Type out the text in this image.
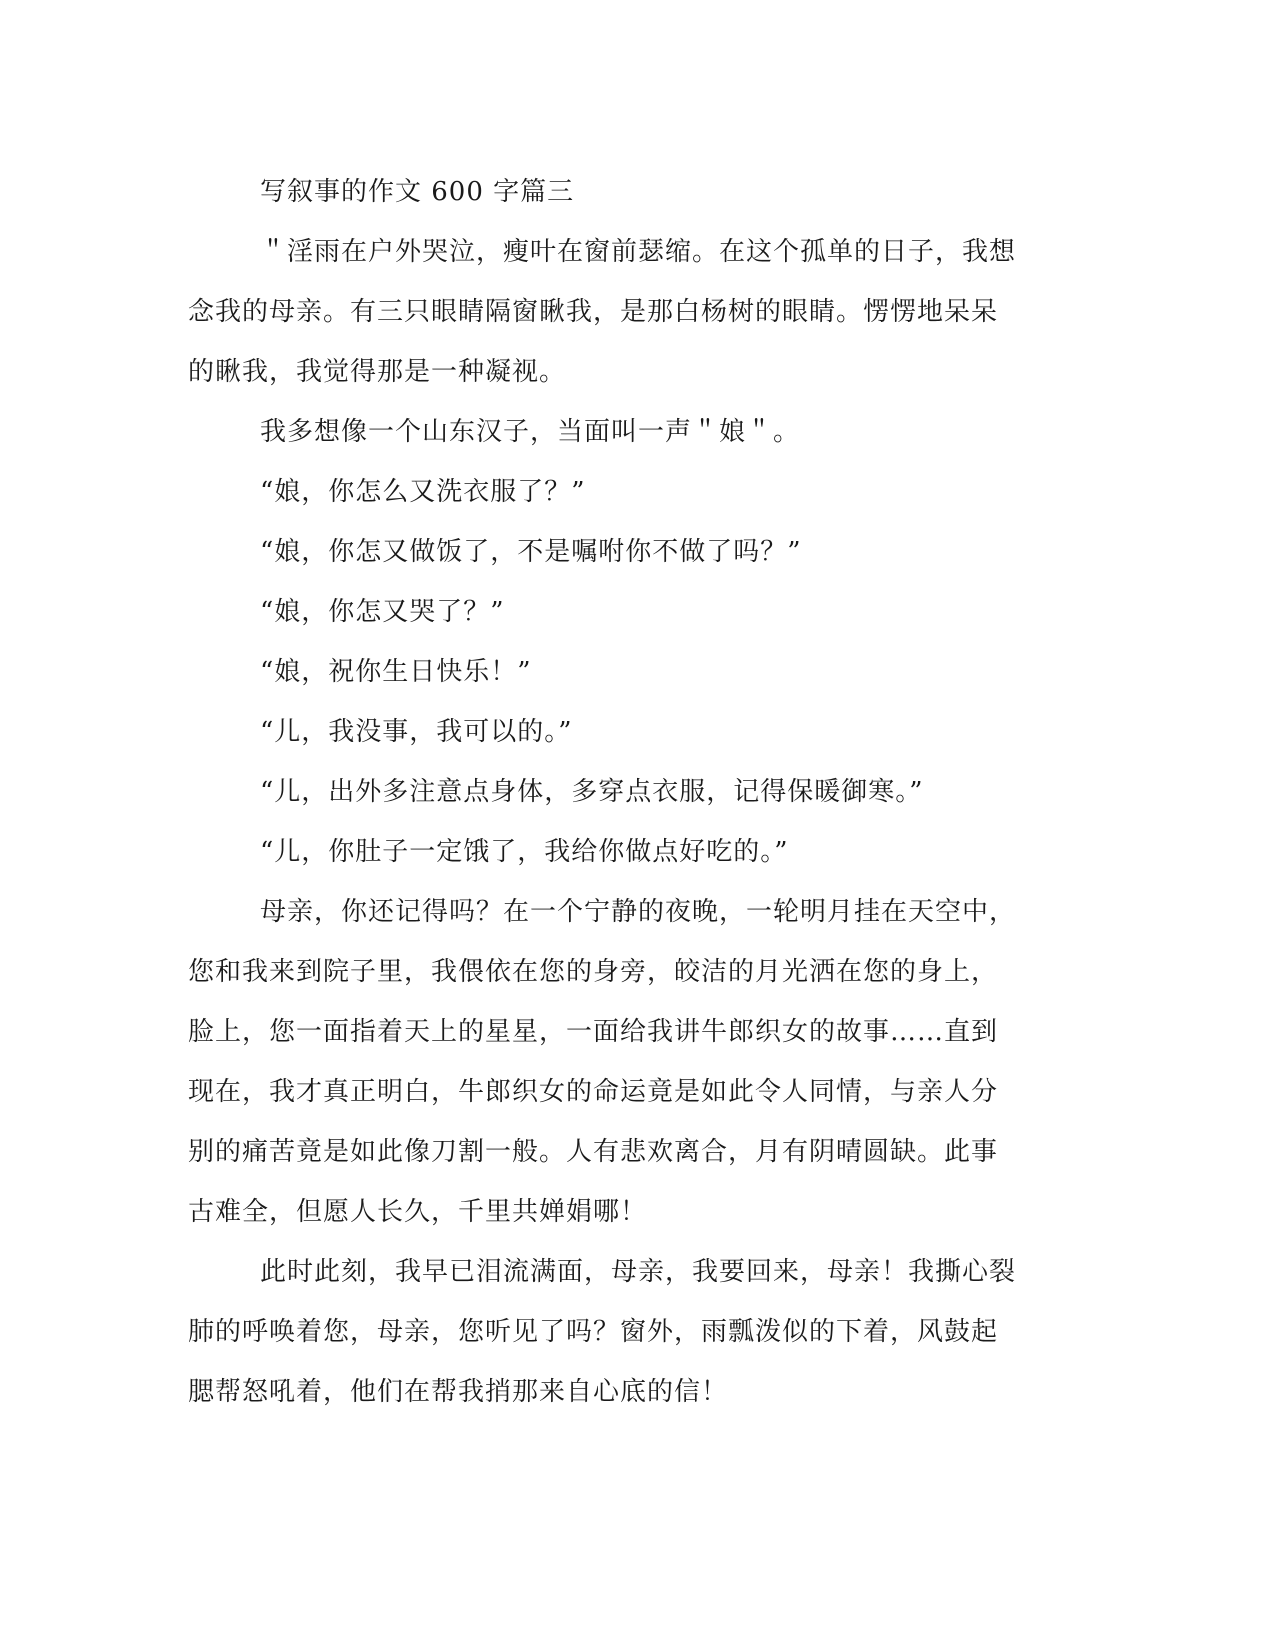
写叙事的作文 600 字篇三

＂淫雨在户外哭泣，瘦叶在窗前瑟缩。在这个孤单的日子，我想

念我的母亲。有三只眼睛隔窗瞅我，是那白杨树的眼睛。愣愣地呆呆

的瞅我，我觉得那是一种凝视。

我多想像一个山东汉子，当面叫一声＂娘＂。

“娘，你怎么又洗衣服了？”

“娘，你怎又做饭了，不是嘱咐你不做了吗？”

“娘，你怎又哭了？”

“娘，祝你生日快乐！”

“儿，我没事，我可以的。”

“儿，出外多注意点身体，多穿点衣服，记得保暖御寒。”

“儿，你肚子一定饿了，我给你做点好吃的。”

母亲，你还记得吗？在一个宁静的夜晚，一轮明月挂在天空中，

您和我来到院子里，我偎依在您的身旁，皎洁的月光洒在您的身上，

脸上，您一面指着天上的星星，一面给我讲牛郎织女的故事……直到

现在，我才真正明白，牛郎织女的命运竟是如此令人同情，与亲人分

别的痛苦竟是如此像刀割一般。人有悲欢离合，月有阴晴圆缺。此事

古难全，但愿人长久，千里共婵娟哪！

此时此刻，我早已泪流满面，母亲，我要回来，母亲！我撕心裂

肺的呼唤着您，母亲，您听见了吗？窗外，雨瓢泼似的下着，风鼓起

腮帮怒吼着，他们在帮我捎那来自心底的信！
